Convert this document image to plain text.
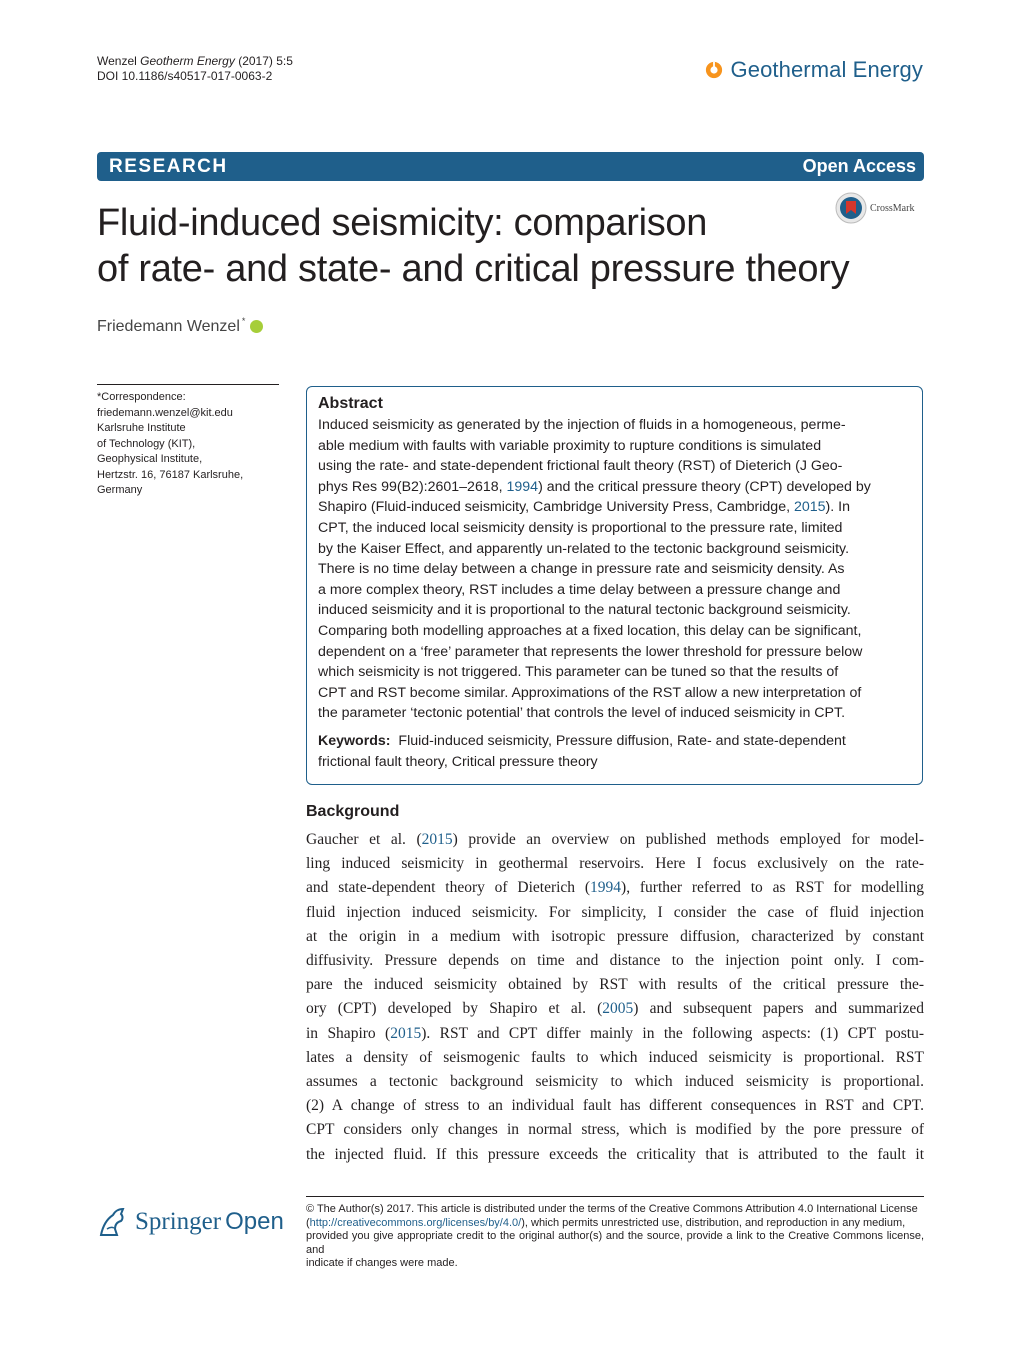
Wenzel Geotherm Energy (2017) 5:5
DOI 10.1186/s40517-017-0063-2	Geothermal Energy
RESEARCH	Open Access
Fluid-induced seismicity: comparison
of rate- and state- and critical pressure theory
CrossMark
Friedemann Wenzel*
*Correspondence:
friedemann.wenzel@kit.edu
Karlsruhe Institute
of Technology (KIT),
Geophysical Institute,
Hertzstr. 16, 76187 Karlsruhe,
Germany
Abstract
Induced seismicity as generated by the injection of fluids in a homogeneous, perme-
able medium with faults with variable proximity to rupture conditions is simulated
using the rate- and state-dependent frictional fault theory (RST) of Dieterich (J Geo-
phys Res 99(B2):2601–2618, 1994) and the critical pressure theory (CPT) developed by
Shapiro (Fluid-induced seismicity, Cambridge University Press, Cambridge, 2015). In
CPT, the induced local seismicity density is proportional to the pressure rate, limited
by the Kaiser Effect, and apparently un-related to the tectonic background seismicity.
There is no time delay between a change in pressure rate and seismicity density. As
a more complex theory, RST includes a time delay between a pressure change and
induced seismicity and it is proportional to the natural tectonic background seismicity.
Comparing both modelling approaches at a fixed location, this delay can be significant,
dependent on a ‘free’ parameter that represents the lower threshold for pressure below
which seismicity is not triggered. This parameter can be tuned so that the results of
CPT and RST become similar. Approximations of the RST allow a new interpretation of
the parameter ‘tectonic potential’ that controls the level of induced seismicity in CPT.
Keywords: Fluid-induced seismicity, Pressure diffusion, Rate- and state-dependent
frictional fault theory, Critical pressure theory
Background
Gaucher et al. (2015) provide an overview on published methods employed for model-
ling induced seismicity in geothermal reservoirs. Here I focus exclusively on the rate-
and state-dependent theory of Dieterich (1994), further referred to as RST for modelling
fluid injection induced seismicity. For simplicity, I consider the case of fluid injection
at the origin in a medium with isotropic pressure diffusion, characterized by constant
diffusivity. Pressure depends on time and distance to the injection point only. I com-
pare the induced seismicity obtained by RST with results of the critical pressure the-
ory (CPT) developed by Shapiro et al. (2005) and subsequent papers and summarized
in Shapiro (2015). RST and CPT differ mainly in the following aspects: (1) CPT postu-
lates a density of seismogenic faults to which induced seismicity is proportional. RST
assumes a tectonic background seismicity to which induced seismicity is proportional.
(2) A change of stress to an individual fault has different consequences in RST and CPT.
CPT considers only changes in normal stress, which is modified by the pore pressure of
the injected fluid. If this pressure exceeds the criticality that is attributed to the fault it
Springer Open © The Author(s) 2017. This article is distributed under the terms of the Creative Commons Attribution 4.0 International License
(http://creativecommons.org/licenses/by/4.0/), which permits unrestricted use, distribution, and reproduction in any medium,
provided you give appropriate credit to the original author(s) and the source, provide a link to the Creative Commons license, and
indicate if changes were made.
